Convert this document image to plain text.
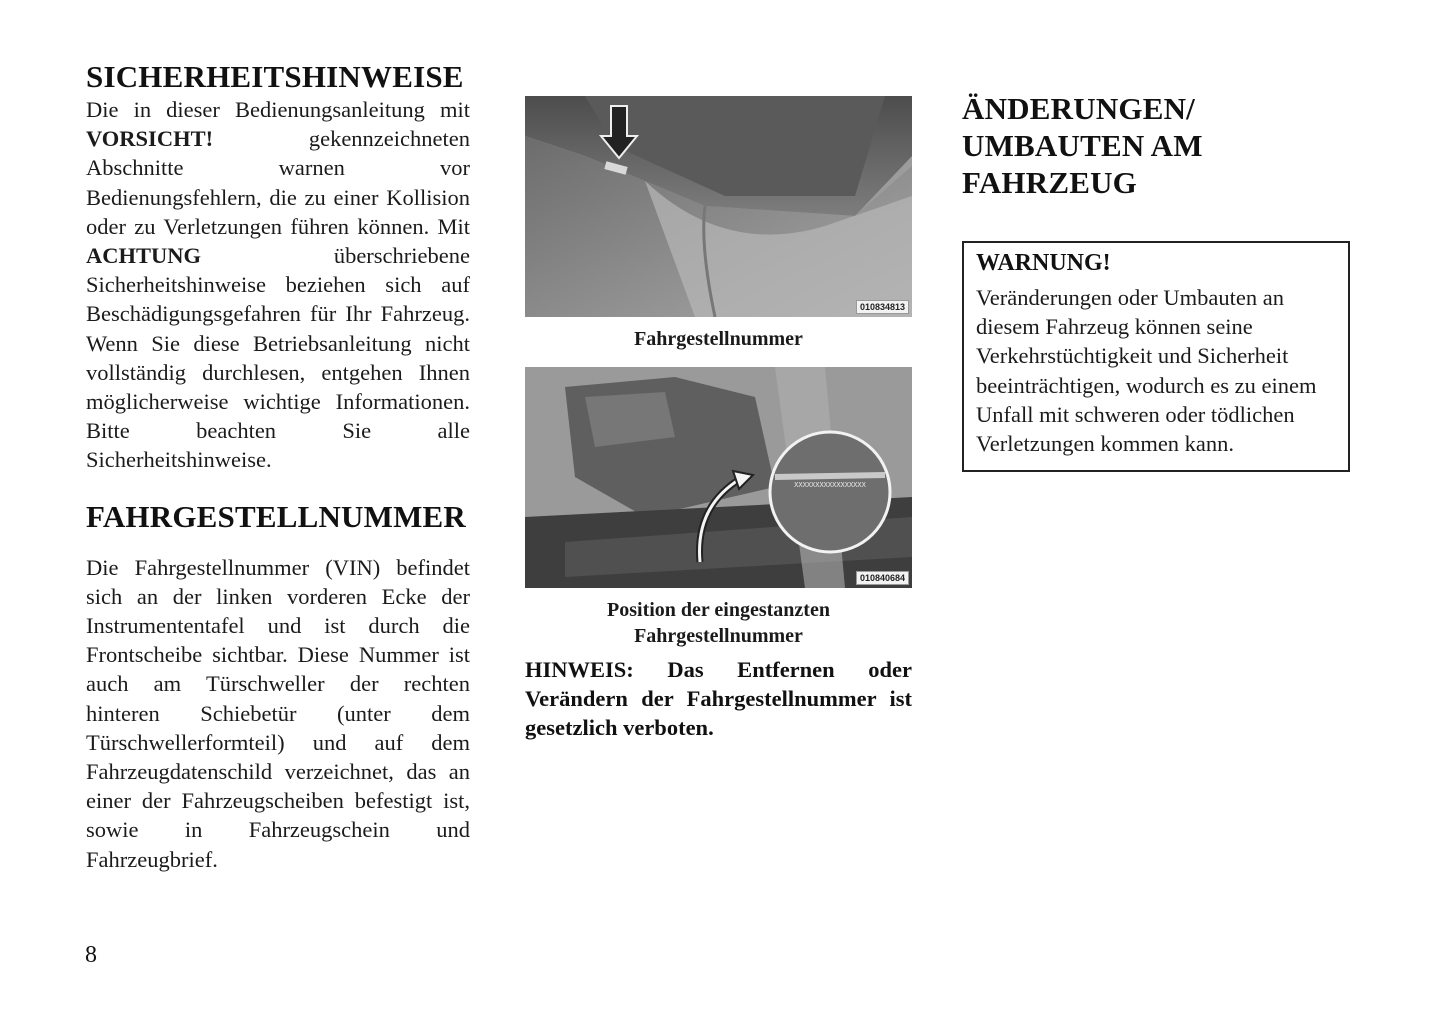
SICHERHEITSHINWEISE

Die in dieser Bedienungsanleitung mit VORSICHT! gekennzeichneten Abschnitte warnen vor Bedienungsfehlern, die zu einer Kollision oder zu Verletzungen führen können. Mit ACHTUNG überschriebene Sicherheitshinweise beziehen sich auf Beschädigungsgefahren für Ihr Fahrzeug. Wenn Sie diese Betriebsanleitung nicht vollständig durchlesen, entgehen Ihnen möglicherweise wichtige Informationen. Bitte beachten Sie alle Sicherheitshinweise.

FAHRGESTELLNUMMER

Die Fahrgestellnummer (VIN) befindet sich an der linken vorderen Ecke der Instrumententafel und ist durch die Frontscheibe sichtbar. Diese Nummer ist auch am Türschweller der rechten hinteren Schiebetür (unter dem Türschwellerformteil) und auf dem Fahrzeugdatenschild verzeichnet, das an einer der Fahrzeugscheiben befestigt ist, sowie in Fahrzeugschein und Fahrzeugbrief.

010834813

Fahrgestellnummer

XXXXXXXXXXXXXXXXX
010840684

Position der eingestanzten Fahrgestellnummer

HINWEIS: Das Entfernen oder Verändern der Fahrgestellnummer ist gesetzlich verboten.

ÄNDERUNGEN/
UMBAUTEN AM
FAHRZEUG

WARNUNG!

Veränderungen oder Umbauten an diesem Fahrzeug können seine Verkehrstüchtigkeit und Sicherheit beeinträchtigen, wodurch es zu einem Unfall mit schweren oder tödlichen Verletzungen kommen kann.

8
